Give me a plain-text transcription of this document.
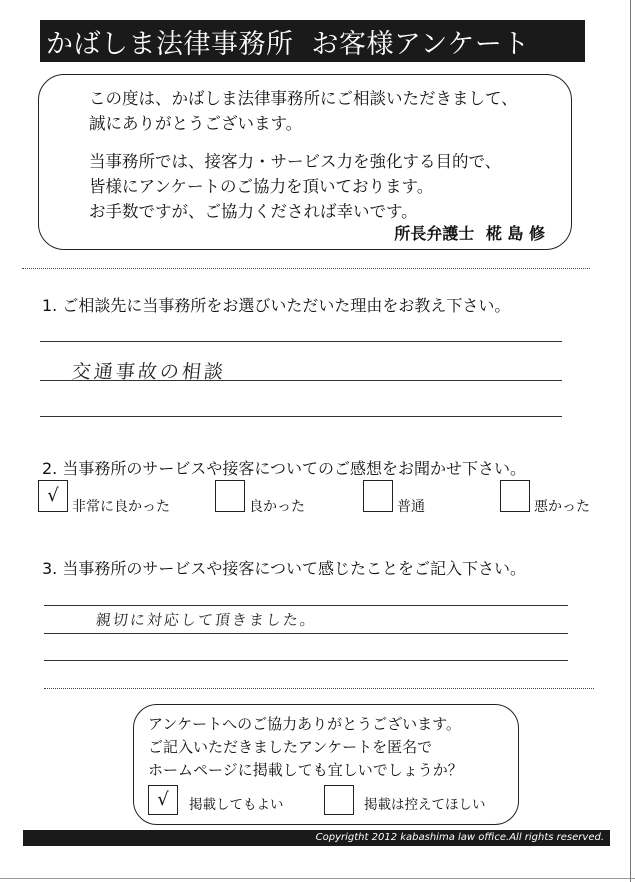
かばしま法律事務所 お客様アンケート
この度は、かばしま法律事務所にご相談いただきまして、
誠にありがとうございます。
当事務所では、接客力・サービス力を強化する目的で、
皆様にアンケートのご協力を頂いております。
お手数ですが、ご協力くだされば幸いです。
所長弁護士 椛 島 修
1. ご相談先に当事務所をお選びいただいた理由をお教え下さい。
交通事故の相談
2. 当事務所のサービスや接客についてのご感想をお聞かせ下さい。
√
非常に良かった	良かった	普通	悪かった
3. 当事務所のサービスや接客について感じたことをご記入下さい。
親切に対応して頂きました。
アンケートへのご協力ありがとうございます。
ご記入いただきましたアンケートを匿名で
ホームページに掲載しても宜しいでしょうか？
√	掲載してもよい	掲載は控えてほしい
Copyrigtht 2012 kabashima law office.All rights reserved.
